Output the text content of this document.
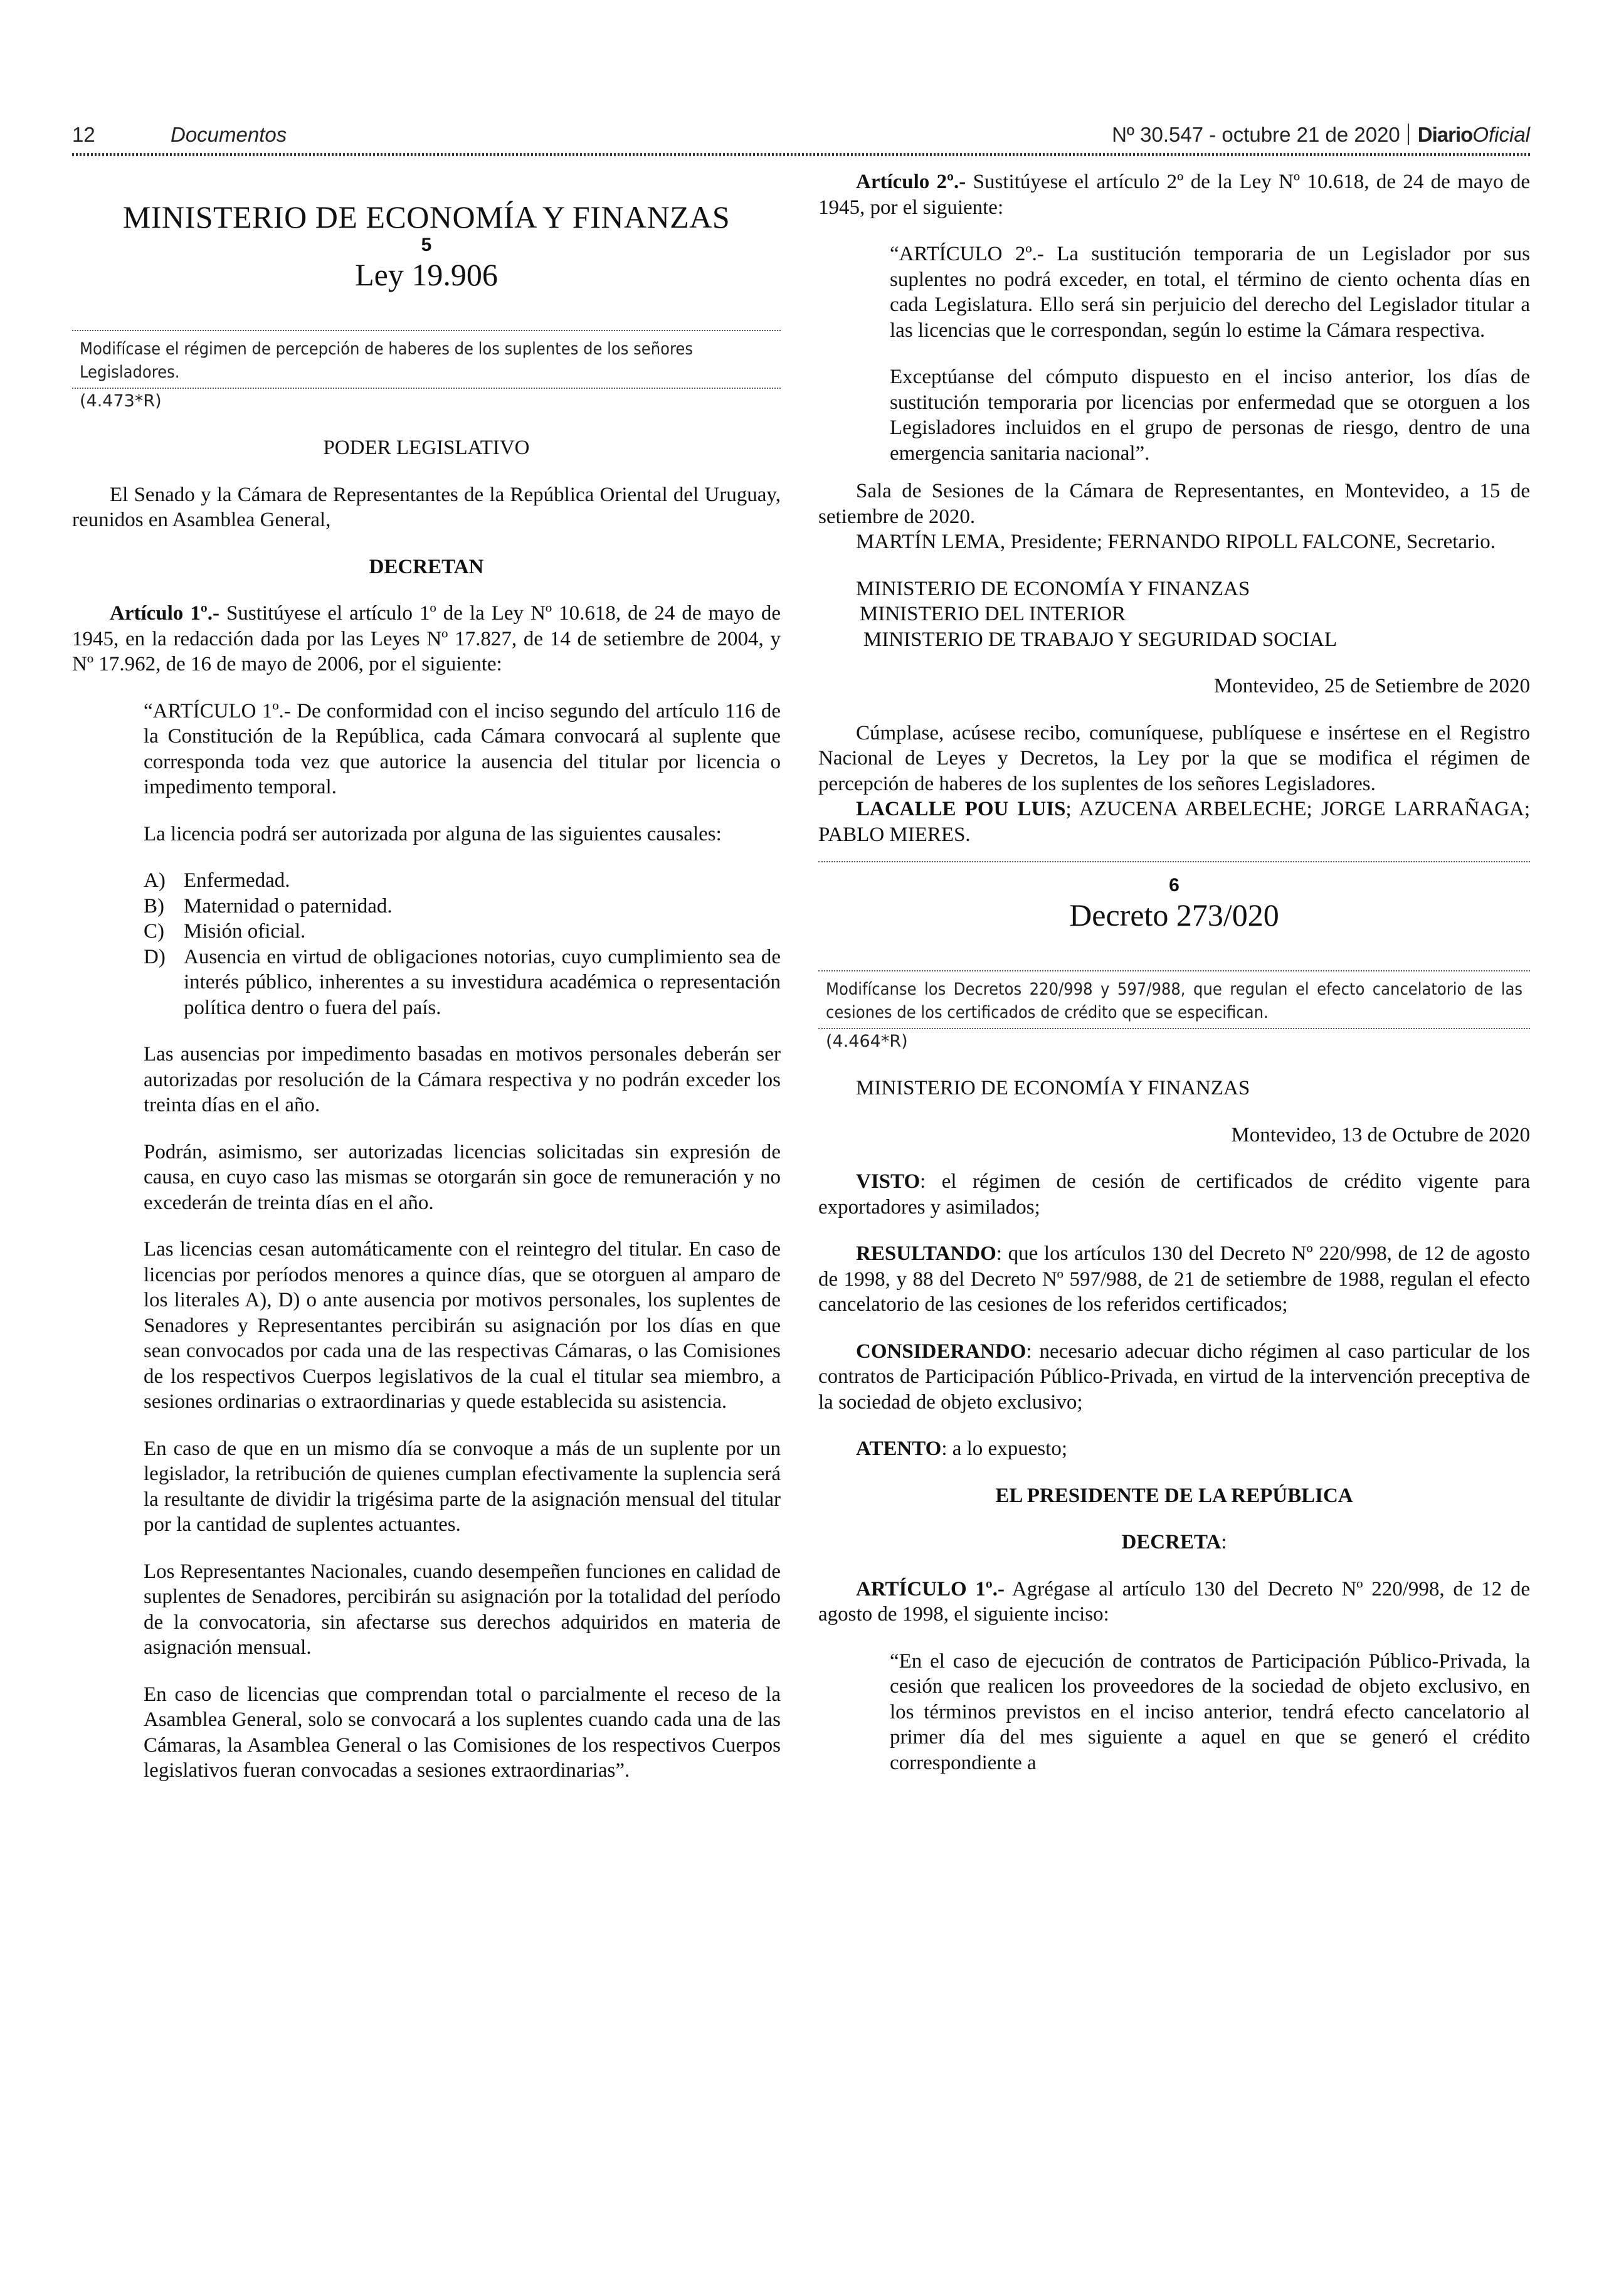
12	Documentos	Nº 30.547 - octubre 21 de 2020 DiarioOficial
MINISTERIO DE ECONOMÍA Y FINANZAS
5
Ley 19.906
Modifícase el régimen de percepción de haberes de los suplentes de los señores Legisladores.
(4.473*R)

PODER LEGISLATIVO

El Senado y la Cámara de Representantes de la República Oriental del Uruguay, reunidos en Asamblea General,

DECRETAN

Artículo 1º.- Sustitúyese el artículo 1º de la Ley Nº 10.618, de 24 de mayo de 1945, en la redacción dada por las Leyes Nº 17.827, de 14 de setiembre de 2004, y Nº 17.962, de 16 de mayo de 2006, por el siguiente:

“ARTÍCULO 1º.- De conformidad con el inciso segundo del artículo 116 de la Constitución de la República, cada Cámara convocará al suplente que corresponda toda vez que autorice la ausencia del titular por licencia o impedimento temporal.

La licencia podrá ser autorizada por alguna de las siguientes causales:

A) Enfermedad.
B) Maternidad o paternidad.
C) Misión oficial.
D) Ausencia en virtud de obligaciones notorias, cuyo cumplimiento sea de interés público, inherentes a su investidura académica o representación política dentro o fuera del país.

Las ausencias por impedimento basadas en motivos personales deberán ser autorizadas por resolución de la Cámara respectiva y no podrán exceder los treinta días en el año.

Podrán, asimismo, ser autorizadas licencias solicitadas sin expresión de causa, en cuyo caso las mismas se otorgarán sin goce de remuneración y no excederán de treinta días en el año.

Las licencias cesan automáticamente con el reintegro del titular. En caso de licencias por períodos menores a quince días, que se otorguen al amparo de los literales A), D) o ante ausencia por motivos personales, los suplentes de Senadores y Representantes percibirán su asignación por los días en que sean convocados por cada una de las respectivas Cámaras, o las Comisiones de los respectivos Cuerpos legislativos de la cual el titular sea miembro, a sesiones ordinarias o extraordinarias y quede establecida su asistencia.

En caso de que en un mismo día se convoque a más de un suplente por un legislador, la retribución de quienes cumplan efectivamente la suplencia será la resultante de dividir la trigésima parte de la asignación mensual del titular por la cantidad de suplentes actuantes.

Los Representantes Nacionales, cuando desempeñen funciones en calidad de suplentes de Senadores, percibirán su asignación por la totalidad del período de la convocatoria, sin afectarse sus derechos adquiridos en materia de asignación mensual.

En caso de licencias que comprendan total o parcialmente el receso de la Asamblea General, solo se convocará a los suplentes cuando cada una de las Cámaras, la Asamblea General o las Comisiones de los respectivos Cuerpos legislativos fueran convocadas a sesiones extraordinarias”.

Artículo 2º.- Sustitúyese el artículo 2º de la Ley Nº 10.618, de 24 de mayo de 1945, por el siguiente:

“ARTÍCULO 2º.- La sustitución temporaria de un Legislador por sus suplentes no podrá exceder, en total, el término de ciento ochenta días en cada Legislatura. Ello será sin perjuicio del derecho del Legislador titular a las licencias que le correspondan, según lo estime la Cámara respectiva.

Exceptúanse del cómputo dispuesto en el inciso anterior, los días de sustitución temporaria por licencias por enfermedad que se otorguen a los Legisladores incluidos en el grupo de personas de riesgo, dentro de una emergencia sanitaria nacional”.

Sala de Sesiones de la Cámara de Representantes, en Montevideo, a 15 de setiembre de 2020.

MARTÍN LEMA, Presidente; FERNANDO RIPOLL FALCONE, Secretario.

MINISTERIO DE ECONOMÍA Y FINANZAS
MINISTERIO DEL INTERIOR
MINISTERIO DE TRABAJO Y SEGURIDAD SOCIAL

Montevideo, 25 de Setiembre de 2020

Cúmplase, acúsese recibo, comuníquese, publíquese e insértese en el Registro Nacional de Leyes y Decretos, la Ley por la que se modifica el régimen de percepción de haberes de los suplentes de los señores Legisladores.

LACALLE POU LUIS; AZUCENA ARBELECHE; JORGE LARRAÑAGA; PABLO MIERES.

6
Decreto 273/020
Modifícanse los Decretos 220/998 y 597/988, que regulan el efecto cancelatorio de las cesiones de los certificados de crédito que se especifican.
(4.464*R)

MINISTERIO DE ECONOMÍA Y FINANZAS

Montevideo, 13 de Octubre de 2020

VISTO: el régimen de cesión de certificados de crédito vigente para exportadores y asimilados;

RESULTANDO: que los artículos 130 del Decreto Nº 220/998, de 12 de agosto de 1998, y 88 del Decreto Nº 597/988, de 21 de setiembre de 1988, regulan el efecto cancelatorio de las cesiones de los referidos certificados;

CONSIDERANDO: necesario adecuar dicho régimen al caso particular de los contratos de Participación Público-Privada, en virtud de la intervención preceptiva de la sociedad de objeto exclusivo;

ATENTO: a lo expuesto;

EL PRESIDENTE DE LA REPÚBLICA

DECRETA:

ARTÍCULO 1º.- Agrégase al artículo 130 del Decreto Nº 220/998, de 12 de agosto de 1998, el siguiente inciso:

“En el caso de ejecución de contratos de Participación Público-Privada, la cesión que realicen los proveedores de la sociedad de objeto exclusivo, en los términos previstos en el inciso anterior, tendrá efecto cancelatorio al primer día del mes siguiente a aquel en que se generó el crédito correspondiente a
